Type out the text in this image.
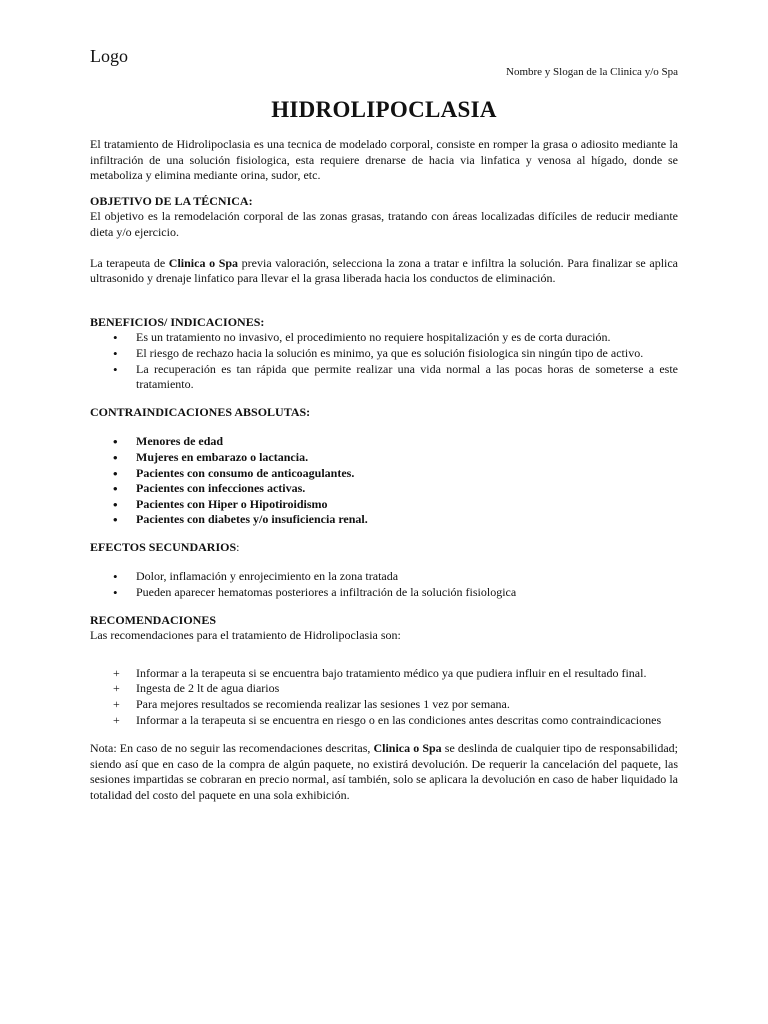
Logo
Nombre y Slogan de la Clinica y/o Spa
HIDROLIPOCLASIA

El tratamiento de Hidrolipoclasia es una tecnica de modelado corporal, consiste en romper la grasa o adiosito mediante la infiltración de una solución fisiologica, esta requiere drenarse de hacia via linfatica y venosa al hígado, donde se metaboliza y elimina mediante orina, sudor, etc.

OBJETIVO DE LA TÉCNICA:

El objetivo es la remodelación corporal de las zonas grasas, tratando con áreas localizadas difíciles de reducir mediante dieta y/o ejercicio.

La terapeuta de Clinica o Spa previa valoración, selecciona la zona a tratar e infiltra la solución. Para finalizar se aplica ultrasonido y drenaje linfatico para llevar el la grasa liberada hacia los conductos de eliminación.

BENEFICIOS/ INDICACIONES:
• Es un tratamiento no invasivo, el procedimiento no requiere hospitalización y es de corta duración.
• El riesgo de rechazo hacia la solución es minimo, ya que es solución fisiologica sin ningún tipo de activo.
• La recuperación es tan rápida que permite realizar una vida normal a las pocas horas de someterse a este tratamiento.
CONTRAINDICACIONES ABSOLUTAS:
• Menores de edad
• Mujeres en embarazo o lactancia.
• Pacientes con consumo de anticoagulantes.
• Pacientes con infecciones activas.
• Pacientes con Hiper o Hipotiroidismo
• Pacientes con diabetes y/o insuficiencia renal.
EFECTOS SECUNDARIOS:
• Dolor, inflamación y enrojecimiento en la zona tratada
• Pueden aparecer hematomas posteriores a infiltración de la solución fisiologica
RECOMENDACIONES

Las recomendaciones para el tratamiento de Hidrolipoclasia son:

+ Informar a la terapeuta si se encuentra bajo tratamiento médico ya que pudiera influir en el resultado final.
+ Ingesta de 2 lt de agua diarios
+ Para mejores resultados se recomienda realizar las sesiones 1 vez por semana.
+ Informar a la terapeuta si se encuentra en riesgo o en las condiciones antes descritas como contraindicaciones

Nota: En caso de no seguir las recomendaciones descritas, Clinica o Spa se deslinda de cualquier tipo de responsabilidad; siendo así que en caso de la compra de algún paquete, no existirá devolución. De requerir la cancelación del paquete, las sesiones impartidas se cobraran en precio normal, así también, solo se aplicara la devolución en caso de haber liquidado la totalidad del costo del paquete en una sola exhibición.
